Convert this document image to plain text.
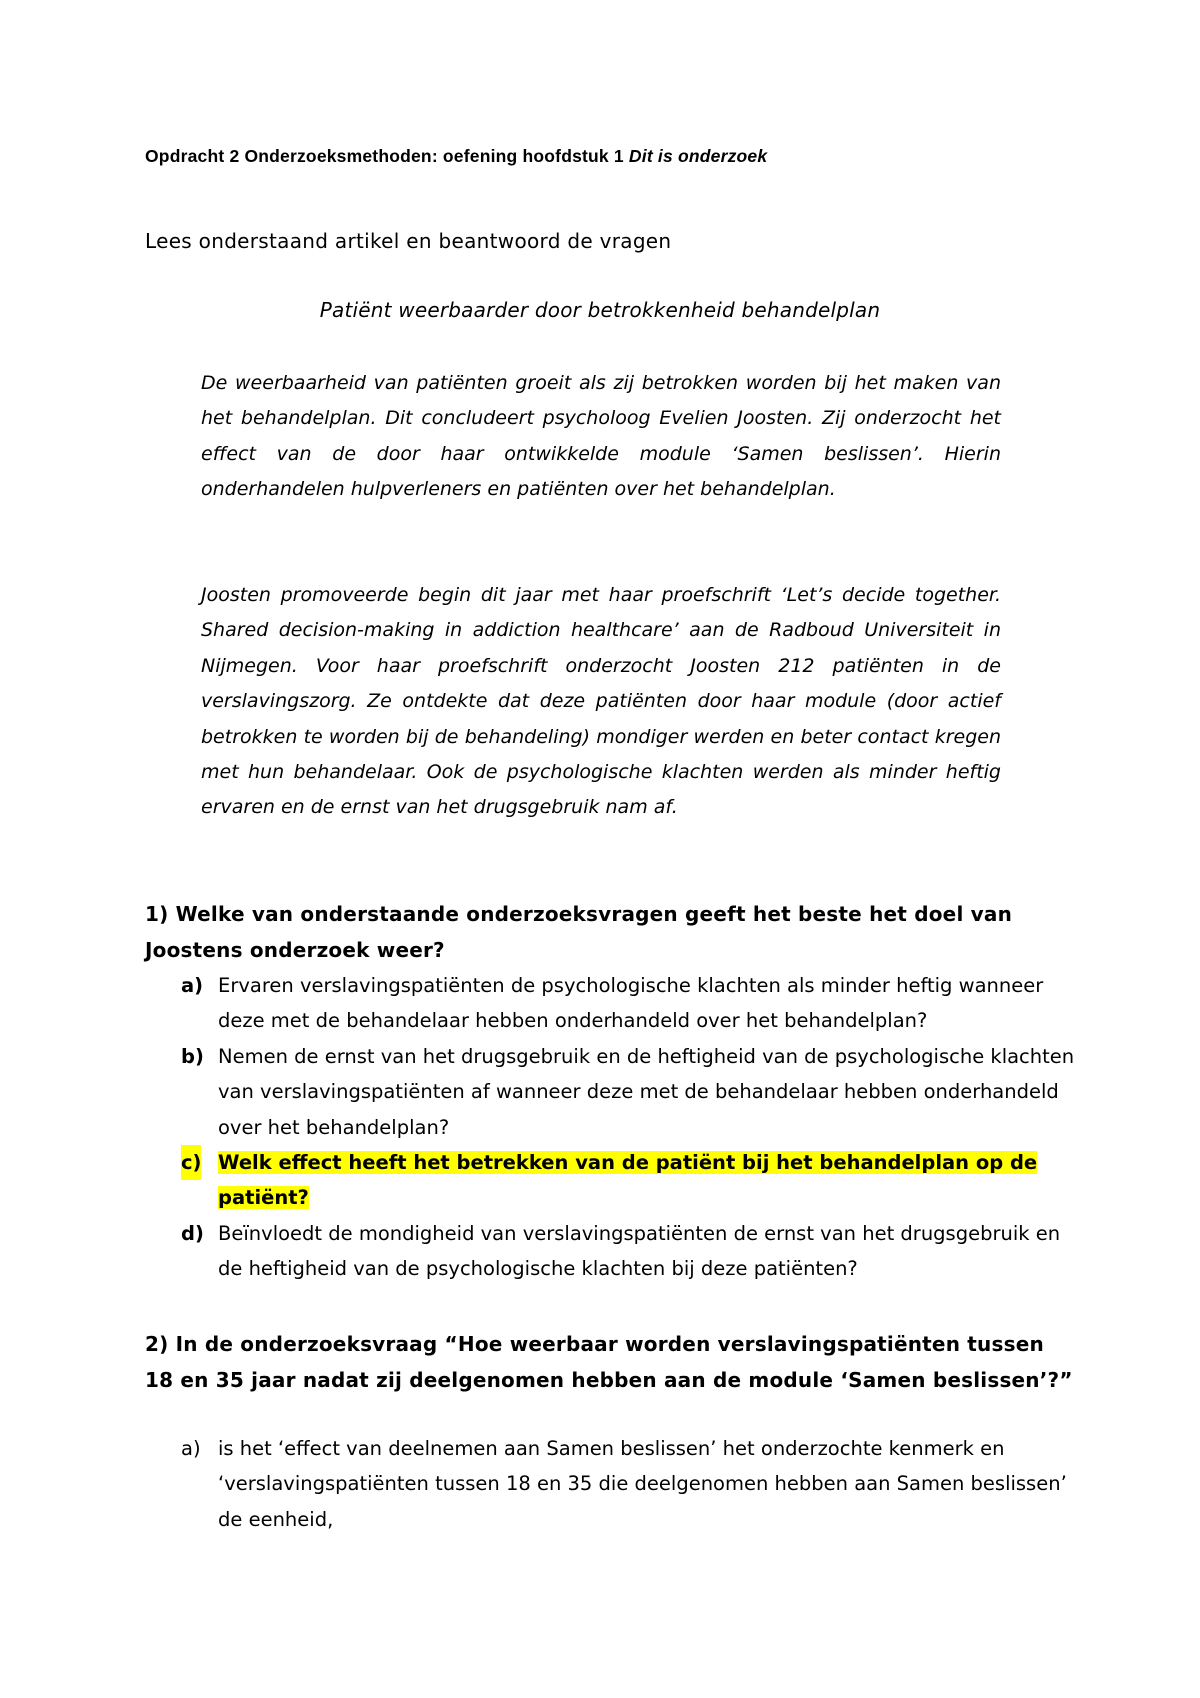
Opdracht 2 Onderzoeksmethoden: oefening hoofdstuk 1 Dit is onderzoek
Lees onderstaand artikel en beantwoord de vragen
Patiënt weerbaarder door betrokkenheid behandelplan
De weerbaarheid van patiënten groeit als zij betrokken worden bij het maken van het behandelplan. Dit concludeert psycholoog Evelien Joosten. Zij onderzocht het effect van de door haar ontwikkelde module ‘Samen beslissen’. Hierin onderhandelen hulpverleners en patiënten over het behandelplan.
Joosten promoveerde begin dit jaar met haar proefschrift ‘Let’s decide together. Shared decision-making in addiction healthcare’ aan de Radboud Universiteit in Nijmegen. Voor haar proefschrift onderzocht Joosten 212 patiënten in de verslavingszorg. Ze ontdekte dat deze patiënten door haar module (door actief betrokken te worden bij de behandeling) mondiger werden en beter contact kregen met hun behandelaar. Ook de psychologische klachten werden als minder heftig ervaren en de ernst van het drugsgebruik nam af.
1) Welke van onderstaande onderzoeksvragen geeft het beste het doel van Joostens onderzoek weer?
a) Ervaren verslavingspatiënten de psychologische klachten als minder heftig wanneer deze met de behandelaar hebben onderhandeld over het behandelplan?
b) Nemen de ernst van het drugsgebruik en de heftigheid van de psychologische klachten van verslavingspatiënten af wanneer deze met de behandelaar hebben onderhandeld over het behandelplan?
c) Welk effect heeft het betrekken van de patiënt bij het behandelplan op de patiënt?
d) Beïnvloedt de mondigheid van verslavingspatiënten de ernst van het drugsgebruik en de heftigheid van de psychologische klachten bij deze patiënten?
2) In de onderzoeksvraag “Hoe weerbaar worden verslavingspatiënten tussen 18 en 35 jaar nadat zij deelgenomen hebben aan de module ‘Samen beslissen’?”
a) is het ‘effect van deelnemen aan Samen beslissen’ het onderzochte kenmerk en ‘verslavingspatiënten tussen 18 en 35 die deelgenomen hebben aan Samen beslissen’ de eenheid,
